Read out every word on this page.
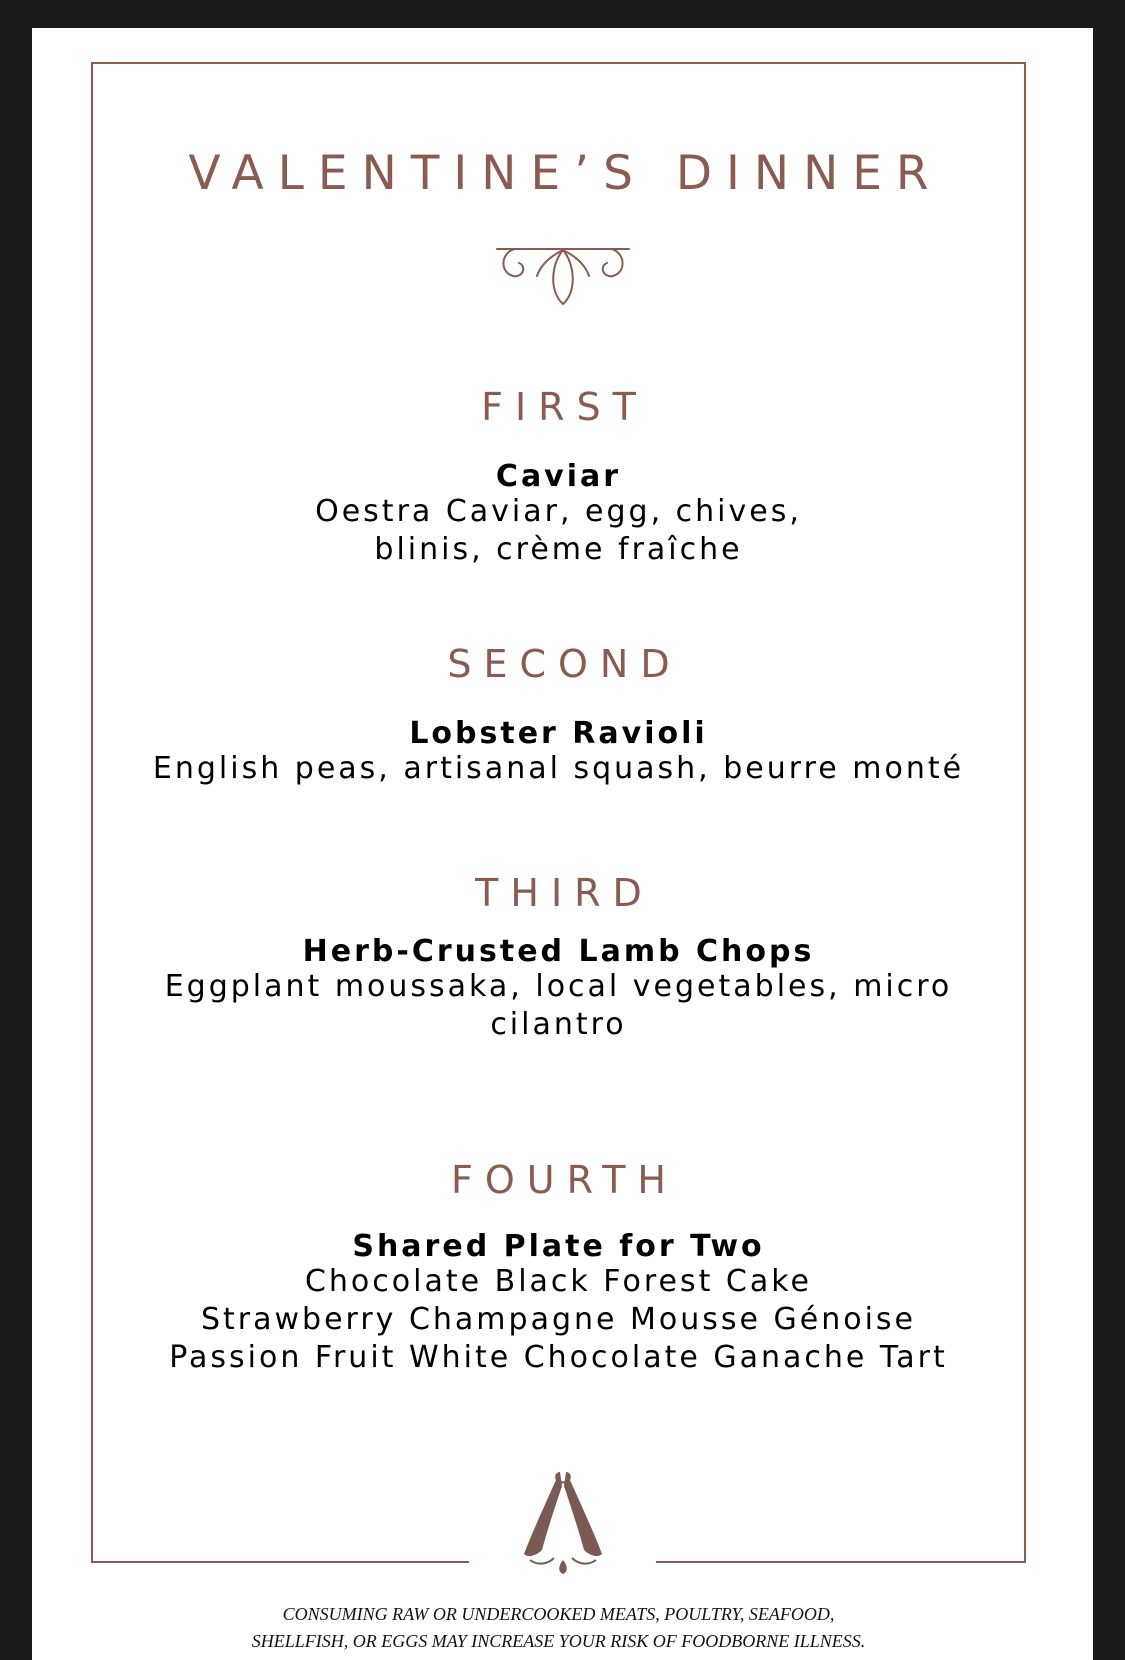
VALENTINE’S DINNER
FIRST

Caviar

Oestra Caviar, egg, chives,
blinis, crème fraîche

SECOND

Lobster Ravioli

English peas, artisanal squash, beurre monté

THIRD

Herb-Crusted Lamb Chops

Eggplant moussaka, local vegetables, micro
cilantro

FOURTH

Shared Plate for Two

Chocolate Black Forest Cake
Strawberry Champagne Mousse Génoise
Passion Fruit White Chocolate Ganache Tart

CONSUMING RAW OR UNDERCOOKED MEATS, POULTRY, SEAFOOD,
SHELLFISH, OR EGGS MAY INCREASE YOUR RISK OF FOODBORNE ILLNESS.
